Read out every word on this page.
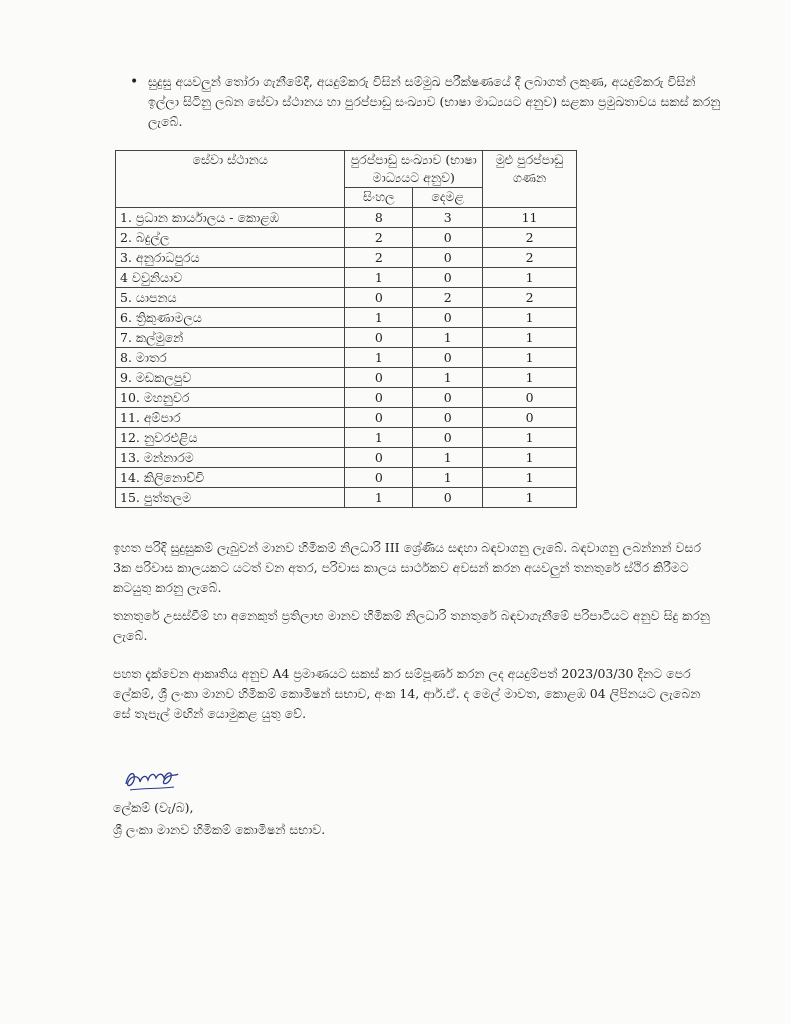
• සුදුසු අයවලුන් තෝරා ගැනීමේදී, අයදුම්කරු විසින් සම්මුඛ පරීක්ෂණයේ දී ලබාගත් ලකුණ, අයදුම්කරු විසින් ඉල්ලා සිටිනු ලබන සේවා ස්ථානය හා පුරප්පාඩු සංඛ්‍යාව (භාෂා මාධ්‍යයට අනුව) සළකා ප්‍රමුඛතාවය සකස් කරනු ලැබේ.
සේවා ස්ථානය	පුරප්පාඩු සංඛ්‍යාව (භාෂා මාධ්‍යයට අනුව)		මුළු පුරප්පාඩු ගණන
	සිංහල	දෙමළ	
1. ප්‍රධාන කාර්යාලය - කොළඹ	8	3	11
2. බදුල්ල	2	0	2
3. අනුරාධපුරය	2	0	2
4 වවුනියාව	1	0	1
5. යාපනය	0	2	2
6. ත්‍රිකුණාමලය	1	0	1
7. කල්මුනේ	0	1	1
8. මාතර	1	0	1
9. මඩකලපුව	0	1	1
10. මහනුවර	0	0	0
11. අම්පාර	0	0	0
12. නුවරඑළිය	1	0	1
13. මන්නාරම	0	1	1
14. කිලිනොච්චි	0	1	1
15. පුත්තලම	1	0	1
ඉහත පරිදි සුදුසුකම් ලැබුවන් මානව හිමිකම් නිලධාරි III ශ්‍රේණිය සඳහා බඳවාගනු ලැබේ. බඳවාගනු ලබන්නන් වසර 3ක පරිවාස කාලයකට යටත් වන අතර, පරිවාස කාලය සාර්ථකව අවසන් කරන අයවලුන් තනතුරේ ස්ථිර කිරීමට කටයුතු කරනු ලැබේ.
තනතුරේ උසස්වීම් හා අනෙකුත් ප්‍රතිලාභ මානව හිමිකම් නිලධාරි තනතුරේ බඳවාගැනීමේ පරිපාටියට අනුව සිදු කරනු ලැබේ.
පහත දැක්වෙන ආකෘතිය අනුව A4 ප්‍රමාණයට සකස් කර සම්පූර්ණ කරන ලද අයදුම්පත් 2023/03/30 දිනට පෙර ලේකම්, ශ්‍රී ලංකා මානව හිමිකම් කොමිෂන් සභාව, අංක 14, ආර්.ඒ. ද මෙල් මාවත, කොළඹ 04 ලිපිනයට ලැබෙන සේ තැපැල් මඟින් යොමුකළ යුතු වේ.
ලේකම් (වැ/බ),
ශ්‍රී ලංකා මානව හිමිකම් කොමිෂන් සභාව.
